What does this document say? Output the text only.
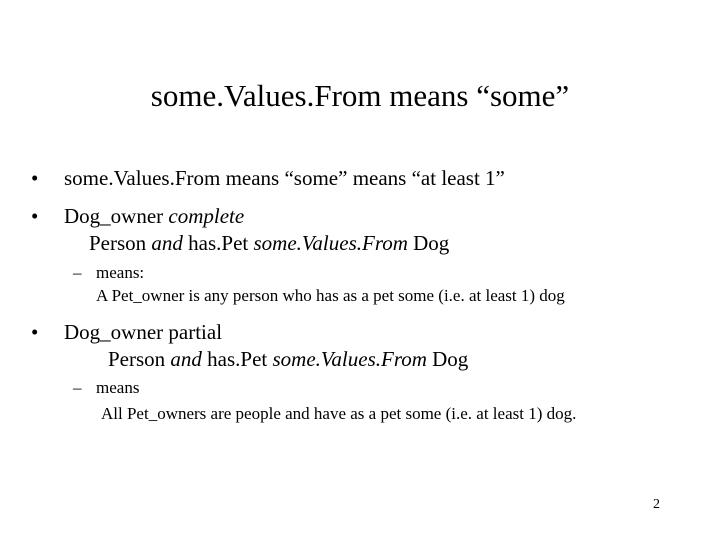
some.Values.From means “some”
• some.Values.From means “some” means “at least 1”
• Dog_owner complete
Person and has.Pet some.Values.From Dog
– means:
A Pet_owner is any person who has as a pet some (i.e. at least 1) dog
• Dog_owner partial
Person and has.Pet some.Values.From Dog
– means
All Pet_owners are people and have as a pet some (i.e. at least 1) dog.
2
